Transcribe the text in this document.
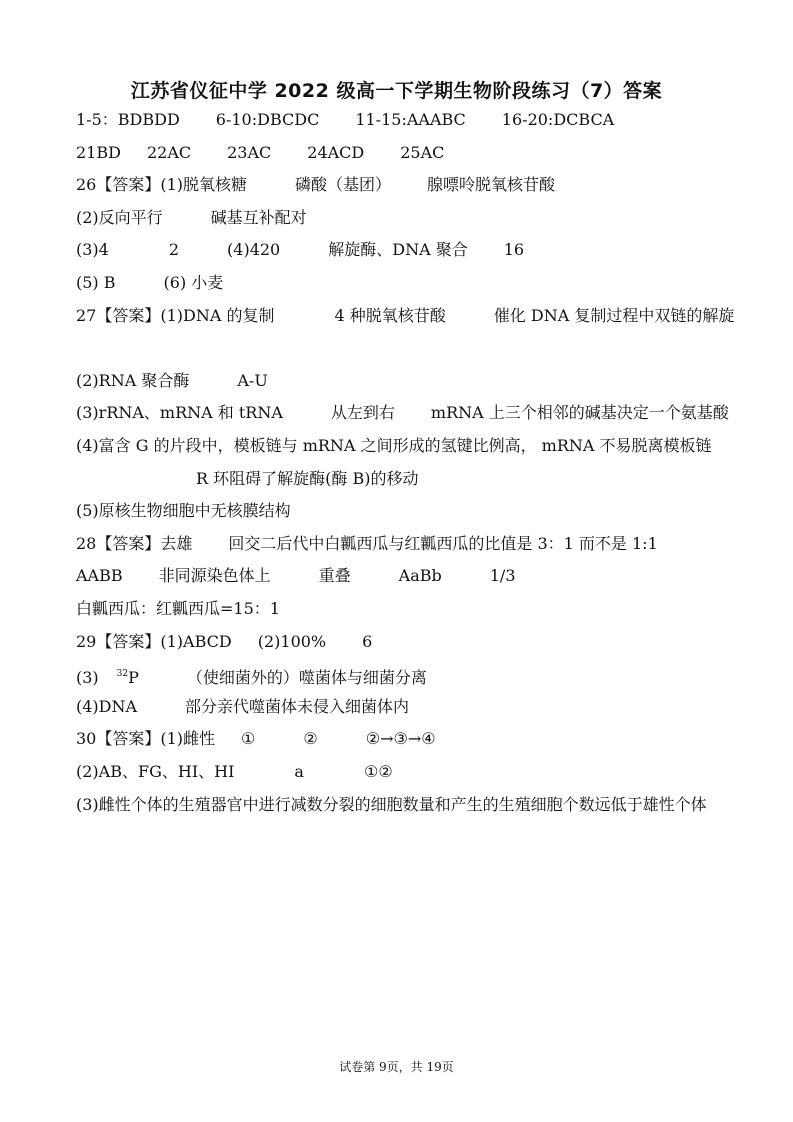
江苏省仪征中学 2022 级高一下学期生物阶段练习（7）答案
1-5：BDBDD 6-10:DBCDC 11-15:AAABC 16-20:DCBCA
21BD 22AC 23AC 24ACD 25AC
26【答案】(1)脱氧核糖	磷酸（基团） 腺嘌呤脱氧核苷酸
(2)反向平行	碱基互补配对
(3)4	2	(4)420	解旋酶、DNA 聚合 16
(5) B	(6) 小麦
27【答案】(1)DNA 的复制	4 种脱氧核苷酸	催化 DNA 复制过程中双链的解旋
(2)RNA 聚合酶	A-U
(3)rRNA、mRNA 和 tRNA	从左到右 mRNA 上三个相邻的碱基决定一个氨基酸
R 环阻碍了解旋酶(酶 B)的移动
(5)原核生物细胞中无核膜结构
28【答案】去雄 回交二后代中白瓤西瓜与红瓤西瓜的比值是 3：1 而不是 1:1
AABB 非同源染色体上	重叠	AaBb	1/3
白瓤西瓜：红瓤西瓜=15：1
29【答案】(1)ABCD (2)100% 6
(3) $^{32}$P	（使细菌外的）噬菌体与细菌分离
(4)DNA	部分亲代噬菌体未侵入细菌体内
30【答案】(1)雌性 ①	②	②→③→④
(2)AB、FG、HI、HI	a	①②
(4)富含 G 的片段中，模板链与 mRNA 之间形成的氢键比例高， mRNA 不易脱离模板链
(3)雌性个体的生殖器官中进行减数分裂的细胞数量和产生的生殖细胞个数远低于雄性个体
试卷第 9页，共 19页
